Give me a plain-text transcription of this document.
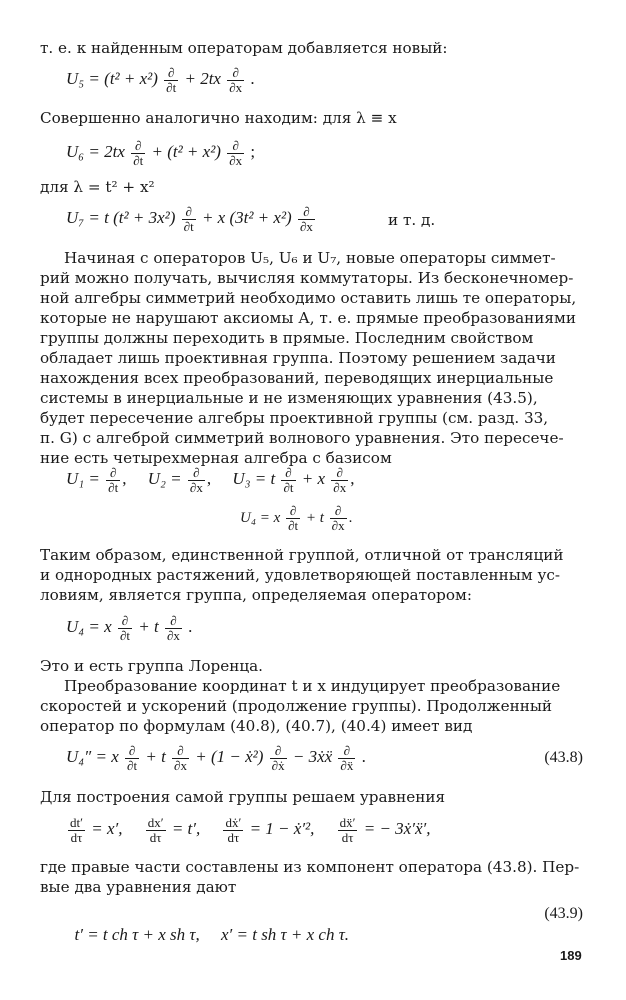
т. е. к найденным операторам добавляется новый:
$U_5 = (t^2 + x^2) \frac{\partial}{\partial t} + 2tx \frac{\partial}{\partial x}$ .
Совершенно аналогично находим: для λ ≡ x
$U_6 = 2tx \frac{\partial}{\partial t} + (t^2 + x^2) \frac{\partial}{\partial x}$ ;
для λ = t² + x²
U₇ = t $(t^2 + 3x^2) \frac{\partial}{\partial t} + x$ $(3t^2 + x^2) \frac{\partial}{\partial x}$	и т. д.
Начиная с операторов U₅, U₆ и U₇, новые операторы симмет-
рий можно получать, вычисляя коммутаторы. Из бесконечномер-
ной алгебры симметрий необходимо оставить лишь те операторы,
которые не нарушают аксиомы А, т. е. прямые преобразованиями
группы должны переходить в прямые. Последним свойством
обладает лишь проективная группа. Поэтому решением задачи
нахождения всех преобразований, переводящих инерциальные
системы в инерциальные и не изменяющих уравнения (43.5),
будет пересечение алгебры проективной группы (см. разд. 33,
п. G) с алгеброй симметрий волнового уравнения. Это пересече-
ние есть четырехмерная алгебра с базисом
$U_1 = \frac{\partial}{\partial t}$ ,     $U_2 = \frac{\partial}{\partial x}$ ,     U₃ = t $\frac{\partial}{\partial t} + x \frac{\partial}{\partial x}$ ,
U₄ = x $\frac{\partial}{\partial t} + t \frac{\partial}{\partial x}$ .
Таким образом, единственной группой, отличной от трансляций
и однородных растяжений, удовлетворяющей поставленным ус-
ловиям, является группа, определяемая оператором:
U₄ = x $\frac{\partial}{\partial t} + t \frac{\partial}{\partial x}$ .
Это и есть группа Лоренца.
Преобразование координат t и x индуцирует преобразование
скоростей и ускорений (продолжение группы). Продолженный
оператор по формулам (40.8), (40.7), (40.4) имеет вид
U₄″ = x $\frac{\partial}{\partial t} + t \frac{\partial}{\partial x} + (1$ − ẋ²) $\frac{\partial}{\text{∂ẋ}}$ − 3ẋẍ $\frac{\partial}{\text{∂ẍ}}$ .	(43.8)
Для построения самой группы решаем уравнения
$\frac{dt'}{d\tau} = x'$, $\frac{dx'}{d\tau} = t'$, $\frac{\text{dẋ′}}{d\tau} = 1$ − ẋ′², $\frac{\text{dẍ′}}{d\tau}$ = − 3ẋ′ẍ′,
где правые части составлены из компонент оператора (43.8). Пер-
вые два уравнения дают

t′ = t ch τ + x sh τ,     x′ = t sh τ + x ch τ.

(43.9)
189
